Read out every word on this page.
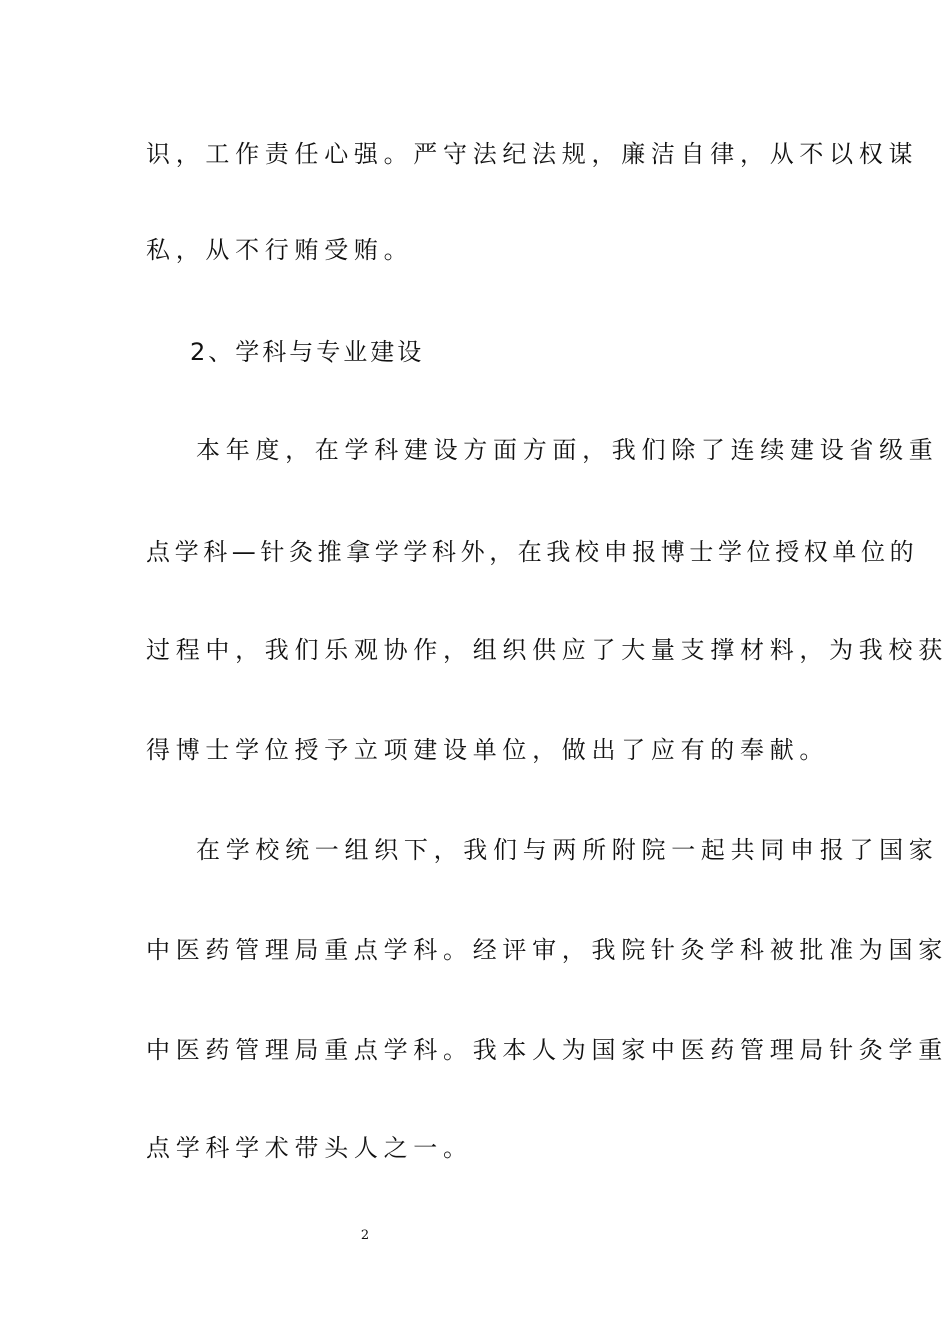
识，工作责任心强。严守法纪法规，廉洁自律，从不以权谋
私，从不行贿受贿。
2、学科与专业建设
本年度，在学科建设方面方面，我们除了连续建设省级重
点学科—针灸推拿学学科外，在我校申报博士学位授权单位的
过程中，我们乐观协作，组织供应了大量支撑材料，为我校获
得博士学位授予立项建设单位，做出了应有的奉献。
在学校统一组织下，我们与两所附院一起共同申报了国家
中医药管理局重点学科。经评审，我院针灸学科被批准为国家
中医药管理局重点学科。我本人为国家中医药管理局针灸学重
点学科学术带头人之一。
2
